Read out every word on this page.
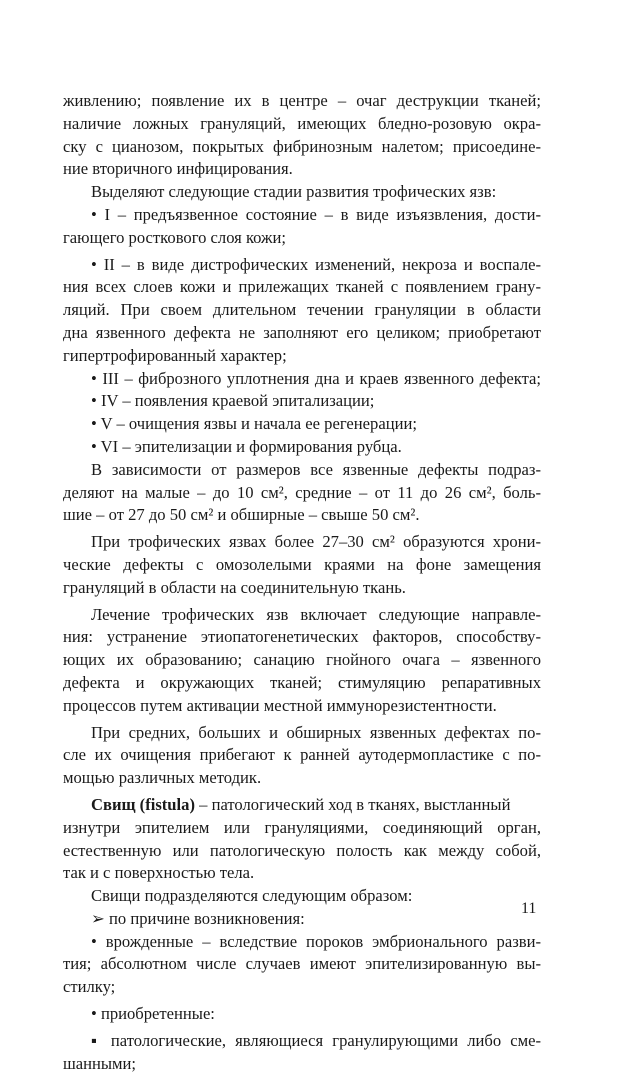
живлению; появление их в центре – очаг деструкции тканей;
наличие ложных грануляций, имеющих бледно-розовую окра-
ску с цианозом, покрытых фибринозным налетом; присоедине-
ние вторичного инфицирования.
Выделяют следующие стадии развития трофических язв:
• I – предъязвенное состояние – в виде изъязвления, дости-
гающего росткового слоя кожи;
• II – в виде дистрофических изменений, некроза и воспале-
ния всех слоев кожи и прилежащих тканей с появлением грану-
ляций. При своем длительном течении грануляции в области
дна язвенного дефекта не заполняют его целиком; приобретают
гипертрофированный характер;
• III – фиброзного уплотнения дна и краев язвенного дефекта;
• IV – появления краевой эпитализации;
• V – очищения язвы и начала ее регенерации;
• VI – эпителизации и формирования рубца.
В зависимости от размеров все язвенные дефекты подраз-
деляют на малые – до 10 см², средние – от 11 до 26 см², боль-
шие – от 27 до 50 см² и обширные – свыше 50 см².
При трофических язвах более 27–30 см² образуются хрони-
ческие дефекты с омозолелыми краями на фоне замещения
грануляций в области на соединительную ткань.
Лечение трофических язв включает следующие направле-
ния: устранение этиопатогенетических факторов, способству-
ющих их образованию; санацию гнойного очага – язвенного
дефекта и окружающих тканей; стимуляцию репаративных
процессов путем активации местной иммунорезистентности.
При средних, больших и обширных язвенных дефектах по-
сле их очищения прибегают к ранней аутодермопластике с по-
мощью различных методик.
Свищ (fistula) – патологический ход в тканях, выстланный
изнутри эпителием или грануляциями, соединяющий орган,
естественную или патологическую полость как между собой,
так и с поверхностью тела.
Свищи подразделяются следующим образом:
➢ по причине возникновения:
• врожденные – вследствие пороков эмбрионального разви-
тия; абсолютном числе случаев имеют эпителизированную вы-
стилку;
• приобретенные:
▪ патологические, являющиеся гранулирующими либо сме-
шанными;
11
